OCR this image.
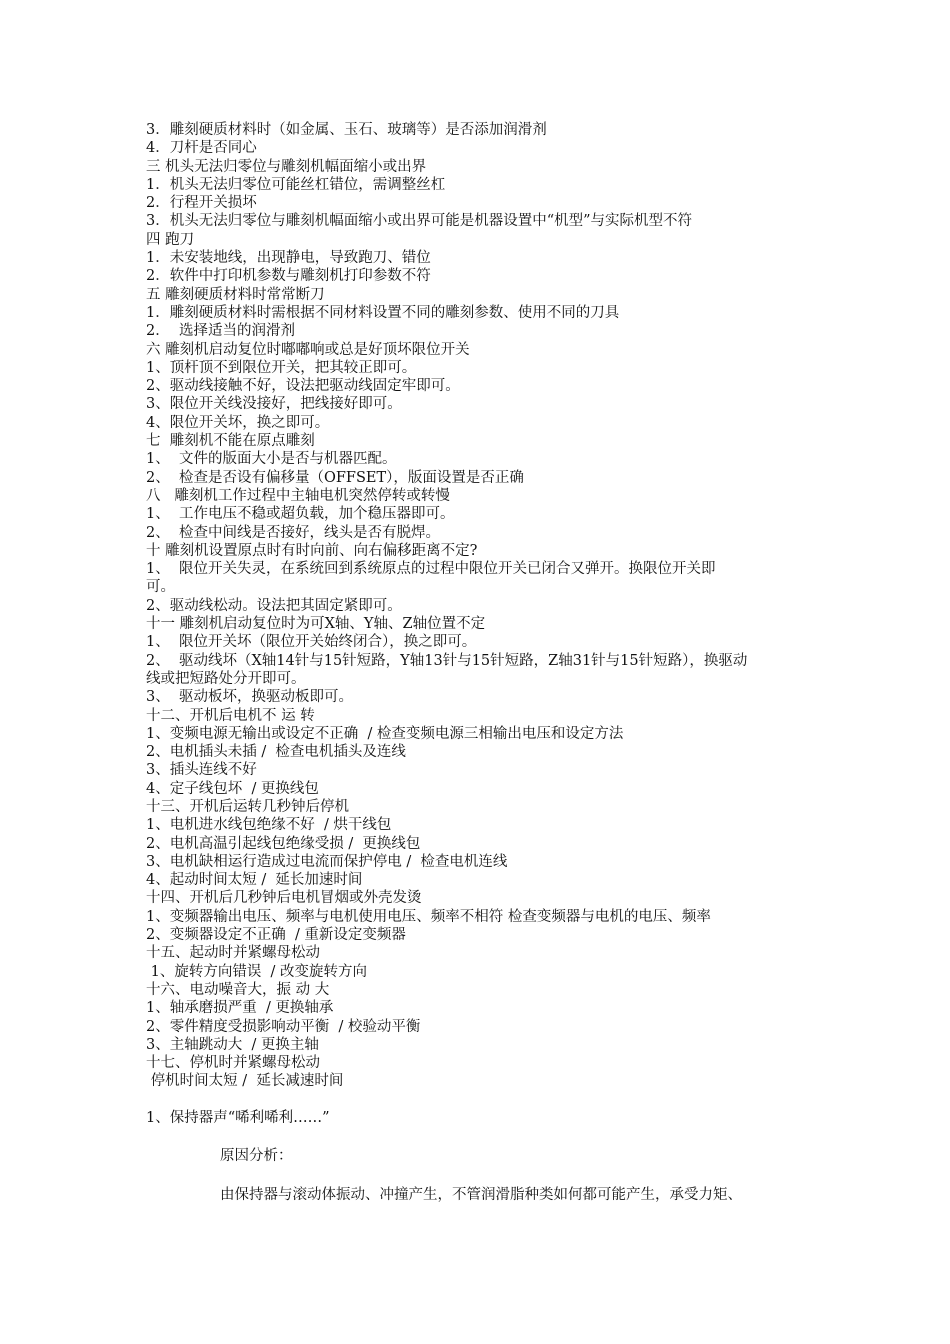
3．雕刻硬质材料时（如金属、玉石、玻璃等）是否添加润滑剂
4．刀杆是否同心
三 机头无法归零位与雕刻机幅面缩小或出界
1．机头无法归零位可能丝杠错位，需调整丝杠
2．行程开关损坏
3．机头无法归零位与雕刻机幅面缩小或出界可能是机器设置中“机型”与实际机型不符
四 跑刀
1．未安装地线，出现静电，导致跑刀、错位
2．软件中打印机参数与雕刻机打印参数不符
五 雕刻硬质材料时常常断刀
1．雕刻硬质材料时需根据不同材料设置不同的雕刻参数、使用不同的刀具
2．  选择适当的润滑剂
六 雕刻机启动复位时嘟嘟响或总是好顶坏限位开关
1、顶杆顶不到限位开关，把其较正即可。
2、驱动线接触不好，设法把驱动线固定牢即可。
3、限位开关线没接好，把线接好即可。
4、限位开关坏，换之即可。
七  雕刻机不能在原点雕刻
1、  文件的版面大小是否与机器匹配。
2、  检查是否设有偏移量（OFFSET），版面设置是否正确
八   雕刻机工作过程中主轴电机突然停转或转慢
1、  工作电压不稳或超负载，加个稳压器即可。
2、  检查中间线是否接好，线头是否有脱焊。
十 雕刻机设置原点时有时向前、向右偏移距离不定?
1、  限位开关失灵，在系统回到系统原点的过程中限位开关已闭合又弹开。换限位开关即
可。
2、驱动线松动。设法把其固定紧即可。
十一 雕刻机启动复位时为可X轴、Y轴、Z轴位置不定
1、  限位开关坏（限位开关始终闭合），换之即可。
2、  驱动线坏（X轴14针与15针短路，Y轴13针与15针短路，Z轴31针与15针短路），换驱动
线或把短路处分开即可。
3、  驱动板坏，换驱动板即可。
十二、开机后电机不 运 转
1、变频电源无输出或设定不正确  / 检查变频电源三相输出电压和设定方法
2、电机插头未插 /  检查电机插头及连线
3、插头连线不好
4、定子线包坏  / 更换线包
十三、开机后运转几秒钟后停机
1、电机进水线包绝缘不好  / 烘干线包
2、电机高温引起线包绝缘受损 /  更换线包
3、电机缺相运行造成过电流而保护停电 /  检查电机连线
4、起动时间太短 /  延长加速时间
十四、开机后几秒钟后电机冒烟或外壳发烫
1、变频器输出电压、频率与电机使用电压、频率不相符 检查变频器与电机的电压、频率
2、变频器设定不正确  / 重新设定变频器
十五、起动时并紧螺母松动
1、旋转方向错误  / 改变旋转方向
十六、电动噪音大，振 动 大
1、轴承磨损严重  / 更换轴承
2、零件精度受损影响动平衡  / 校验动平衡
3、主轴跳动大  / 更换主轴
十七、停机时并紧螺母松动
停机时间太短 /  延长减速时间
1、保持器声“唏利唏利……”
原因分析：
由保持器与滚动体振动、冲撞产生，不管润滑脂种类如何都可能产生，承受力矩、
